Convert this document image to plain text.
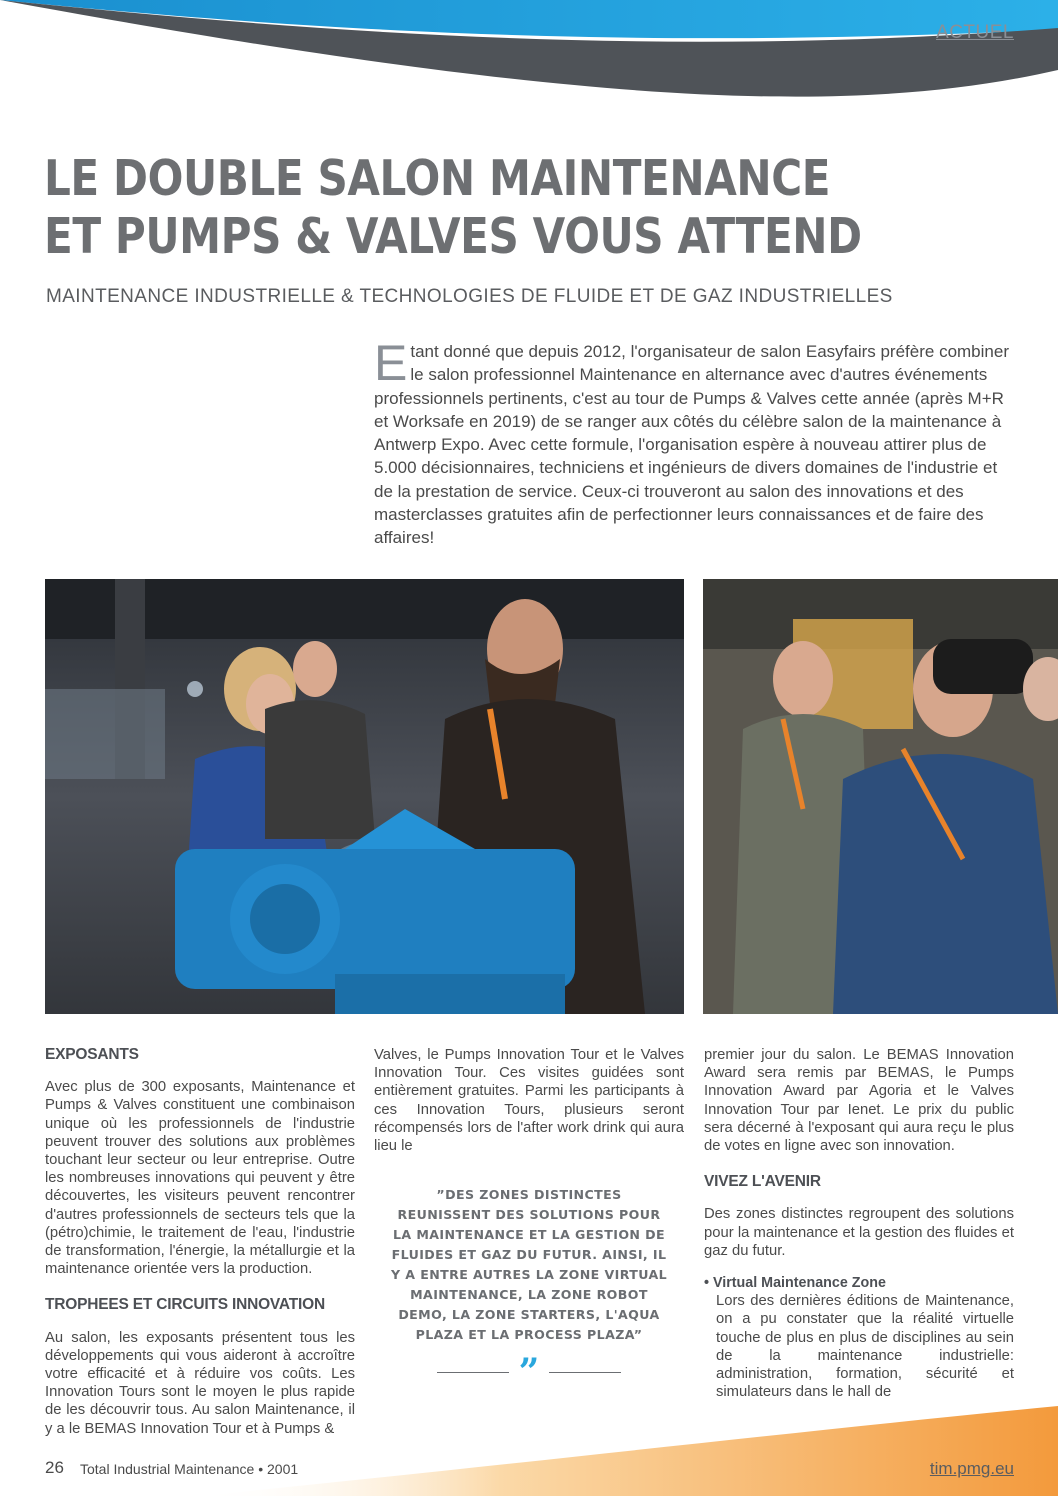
ACTUEL
LE DOUBLE SALON MAINTENANCE
ET PUMPS & VALVES VOUS ATTEND
MAINTENANCE INDUSTRIELLE & TECHNOLOGIES DE FLUIDE ET DE GAZ INDUSTRIELLES
E tant donné que depuis 2012, l'organisateur de salon Easyfairs préfère combiner le salon professionnel Maintenance en alternance avec d'autres événements professionnels pertinents, c'est au tour de Pumps & Valves cette année (après M+R et Worksafe en 2019) de se ranger aux côtés du célèbre salon de la maintenance à Antwerp Expo. Avec cette formule, l'organisation espère à nouveau attirer plus de 5.000 décisionnaires, techniciens et ingénieurs de divers domaines de l'industrie et de la prestation de service. Ceux-ci trouveront au salon des innovations et des masterclasses gratuites afin de perfectionner leurs connaissances et de faire des affaires!
EXPOSANTS

Avec plus de 300 exposants, Maintenance et Pumps & Valves constituent une combinaison unique où les professionnels de l'industrie peuvent trouver des solutions aux problèmes touchant leur secteur ou leur entreprise. Outre les nombreuses innovations qui peuvent y être découvertes, les visiteurs peuvent rencontrer d'autres professionnels de secteurs tels que la (pétro)chimie, le traitement de l'eau, l'industrie de transformation, l'énergie, la métallurgie et la maintenance orientée vers la production.

TROPHEES ET CIRCUITS INNOVATION

Au salon, les exposants présentent tous les développements qui vous aideront à accroître votre efficacité et à réduire vos coûts. Les Innovation Tours sont le moyen le plus rapide de les découvrir tous. Au salon Maintenance, il y a le BEMAS Innovation Tour et à Pumps &

Valves, le Pumps Innovation Tour et le Valves Innovation Tour. Ces visites guidées sont entièrement gratuites. Parmi les participants à ces Innovation Tours, plusieurs seront récompensés lors de l'after work drink qui aura lieu le

”DES ZONES DISTINCTES REUNISSENT DES SOLUTIONS POUR LA MAINTENANCE ET LA GESTION DE FLUIDES ET GAZ DU FUTUR. AINSI, IL Y A ENTRE AUTRES LA ZONE VIRTUAL MAINTENANCE, LA ZONE ROBOT DEMO, LA ZONE STARTERS, L'AQUA PLAZA ET LA PROCESS PLAZA”
”

premier jour du salon. Le BEMAS Innovation Award sera remis par BEMAS, le Pumps Innovation Award par Agoria et le Valves Innovation Tour par Ienet. Le prix du public sera décerné à l'exposant qui aura reçu le plus de votes en ligne avec son innovation.

VIVEZ L'AVENIR

Des zones distinctes regroupent des solutions pour la maintenance et la gestion des fluides et gaz du futur.

• Virtual Maintenance Zone

Lors des dernières éditions de Maintenance, on a pu constater que la réalité virtuelle touche de plus en plus de disciplines au sein de la maintenance industrielle: administration, formation, sécurité et simulateurs dans le hall de

26 Total Industrial Maintenance • 2001	tim.pmg.eu
